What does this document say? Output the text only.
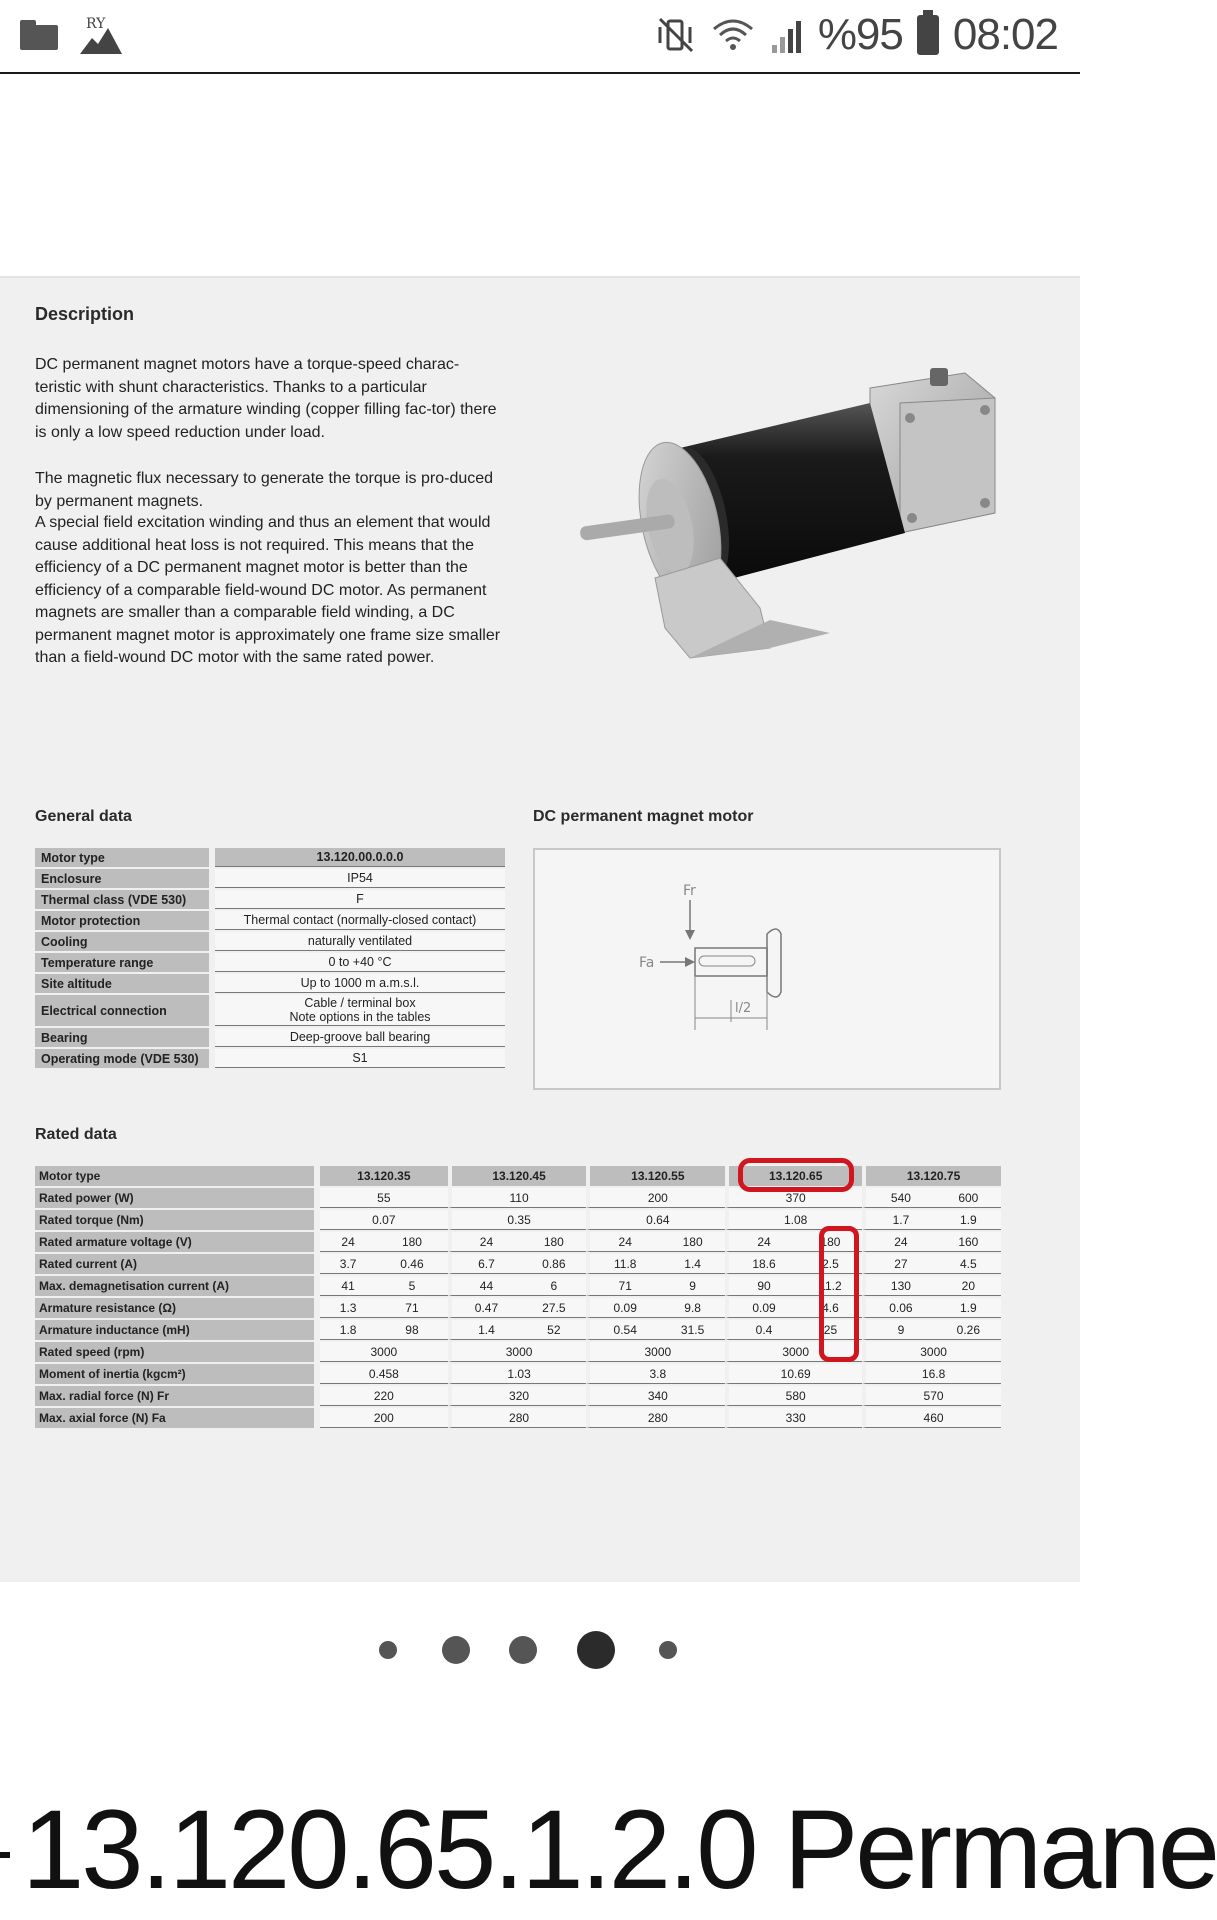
RY	%95 08:02
Description
DC permanent magnet motors have a torque-speed charac-teristic with shunt characteristics. Thanks to a particular dimensioning of the armature winding (copper filling fac-tor) there is only a low speed reduction under load.
The magnetic flux necessary to generate the torque is pro-duced by permanent magnets.
A special field excitation winding and thus an element that would cause additional heat loss is not required. This means that the efficiency of a DC permanent magnet motor is better than the efficiency of a comparable field-wound DC motor. As permanent magnets are smaller than a comparable field winding, a DC permanent magnet motor is approximately one frame size smaller than a field-wound DC motor with the same rated power.
General data
Motor type	13.120.00.0.0.0

Enclosure	IP54

Thermal class (VDE 530)	F

Motor protection	Thermal contact (normally-closed contact)

Cooling	naturally ventilated

Temperature range	0 to +40 °C

Site altitude	Up to 1000 m a.m.s.l.

Electrical connection	Cable / terminal box
Note options in the tables

Bearing	Deep-groove ball bearing

Operating mode (VDE 530)	S1
DC permanent magnet motor
Fr
Fa
l/2
Rated data
Motor type	13.120.35		13.120.45		13.120.55		13.120.65		13.120.75	
Rated power (W)	55		110		200		370		540	600
Rated torque (Nm)	0.07		0.35		0.64		1.08		1.7	1.9
Rated armature voltage (V)	24	180	24	180	24	180	24	180	24	160
Rated current (A)	3.7	0.46	6.7	0.86	11.8	1.4	18.6	2.5	27	4.5
Max. demagnetisation current (A)	41	5	44	6	71	9	90	11.2	130	20
Armature resistance (Ω)	1.3	71	0.47	27.5	0.09	9.8	0.09	4.6	0.06	1.9
Armature inductance (mH)	1.8	98	1.4	52	0.54	31.5	0.4	25	9	0.26
Rated speed (rpm)	3000		3000		3000		3000		3000	
Moment of inertia (kgcm²)	0.458		1.03		3.8		10.69		16.8	
Max. radial force (N) Fr	220		320		340		580		570	
Max. axial force (N) Fa	200		280		280		330		460	
13.120.65.1.2.0 Permane
